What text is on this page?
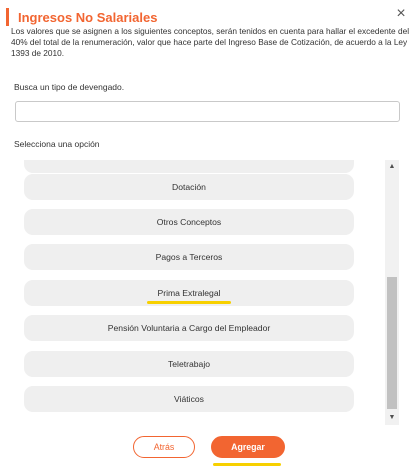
Ingresos No Salariales	×
Los valores que se asignen a los siguientes conceptos, serán tenidos en cuenta para hallar el excedente del 40% del total de la renumeración, valor que hace parte del Ingreso Base de Cotización, de acuerdo a la Ley 1393 de 2010.
Busca un tipo de devengado.
Selecciona una opción
Dotación
Otros Conceptos
Pagos a Terceros
Prima Extralegal
Pensión Voluntaria a Cargo del Empleador
Teletrabajo
Viáticos
▲
▼
Atrás	Agregar
